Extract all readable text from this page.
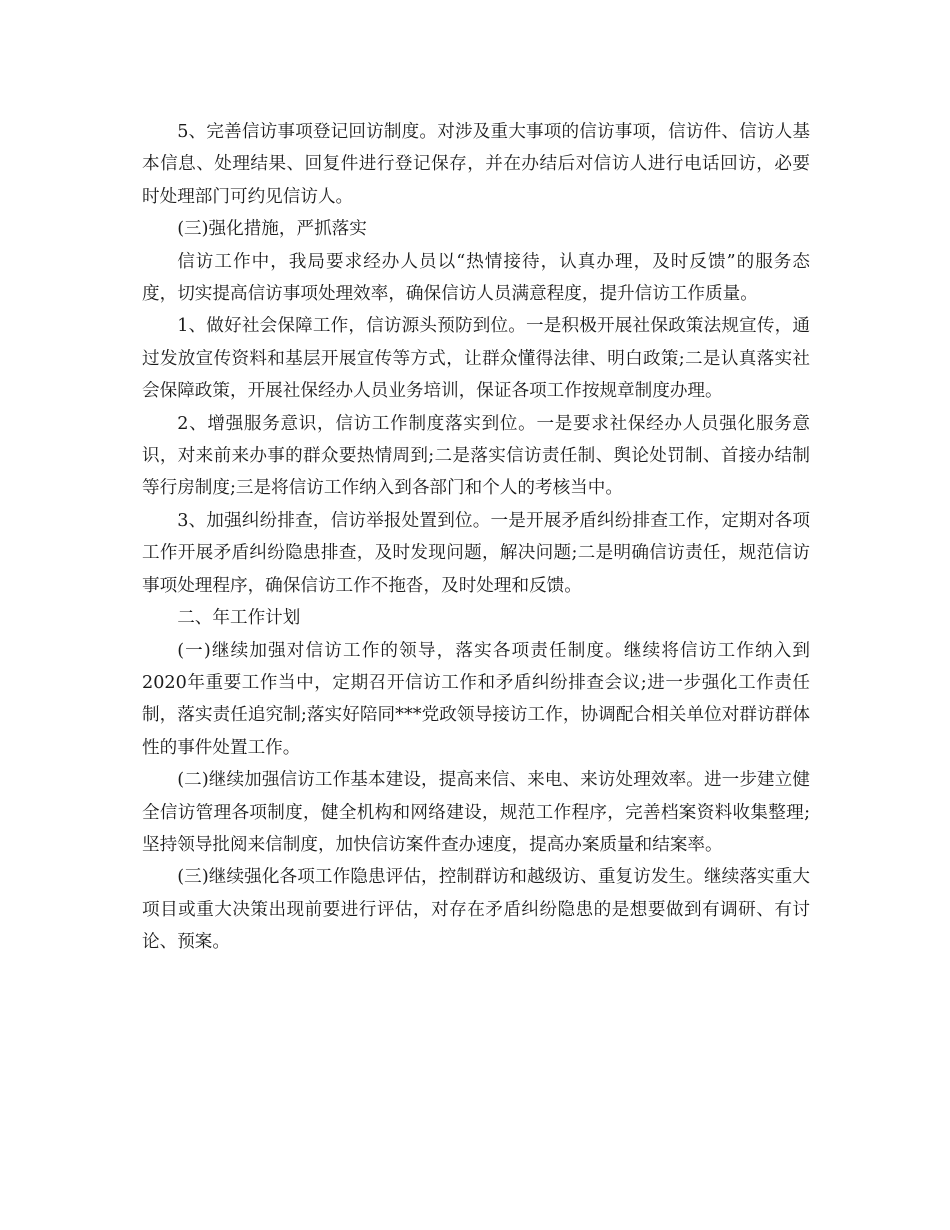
5、完善信访事项登记回访制度。对涉及重大事项的信访事项，信访件、信访人基本信息、处理结果、回复件进行登记保存，并在办结后对信访人进行电话回访，必要时处理部门可约见信访人。

(三)强化措施，严抓落实

信访工作中，我局要求经办人员以“热情接待，认真办理，及时反馈”的服务态度，切实提高信访事项处理效率，确保信访人员满意程度，提升信访工作质量。

1、做好社会保障工作，信访源头预防到位。一是积极开展社保政策法规宣传，通过发放宣传资料和基层开展宣传等方式，让群众懂得法律、明白政策;二是认真落实社会保障政策，开展社保经办人员业务培训，保证各项工作按规章制度办理。

2、增强服务意识，信访工作制度落实到位。一是要求社保经办人员强化服务意识，对来前来办事的群众要热情周到;二是落实信访责任制、舆论处罚制、首接办结制等行房制度;三是将信访工作纳入到各部门和个人的考核当中。

3、加强纠纷排查，信访举报处置到位。一是开展矛盾纠纷排查工作，定期对各项工作开展矛盾纠纷隐患排查，及时发现问题，解决问题;二是明确信访责任，规范信访事项处理程序，确保信访工作不拖沓，及时处理和反馈。

二、年工作计划

(一)继续加强对信访工作的领导，落实各项责任制度。继续将信访工作纳入到2020年重要工作当中，定期召开信访工作和矛盾纠纷排查会议;进一步强化工作责任制，落实责任追究制;落实好陪同***党政领导接访工作，协调配合相关单位对群访群体性的事件处置工作。

(二)继续加强信访工作基本建设，提高来信、来电、来访处理效率。进一步建立健全信访管理各项制度，健全机构和网络建设，规范工作程序，完善档案资料收集整理;坚持领导批阅来信制度，加快信访案件查办速度，提高办案质量和结案率。

(三)继续强化各项工作隐患评估，控制群访和越级访、重复访发生。继续落实重大项目或重大决策出现前要进行评估，对存在矛盾纠纷隐患的是想要做到有调研、有讨论、预案。
